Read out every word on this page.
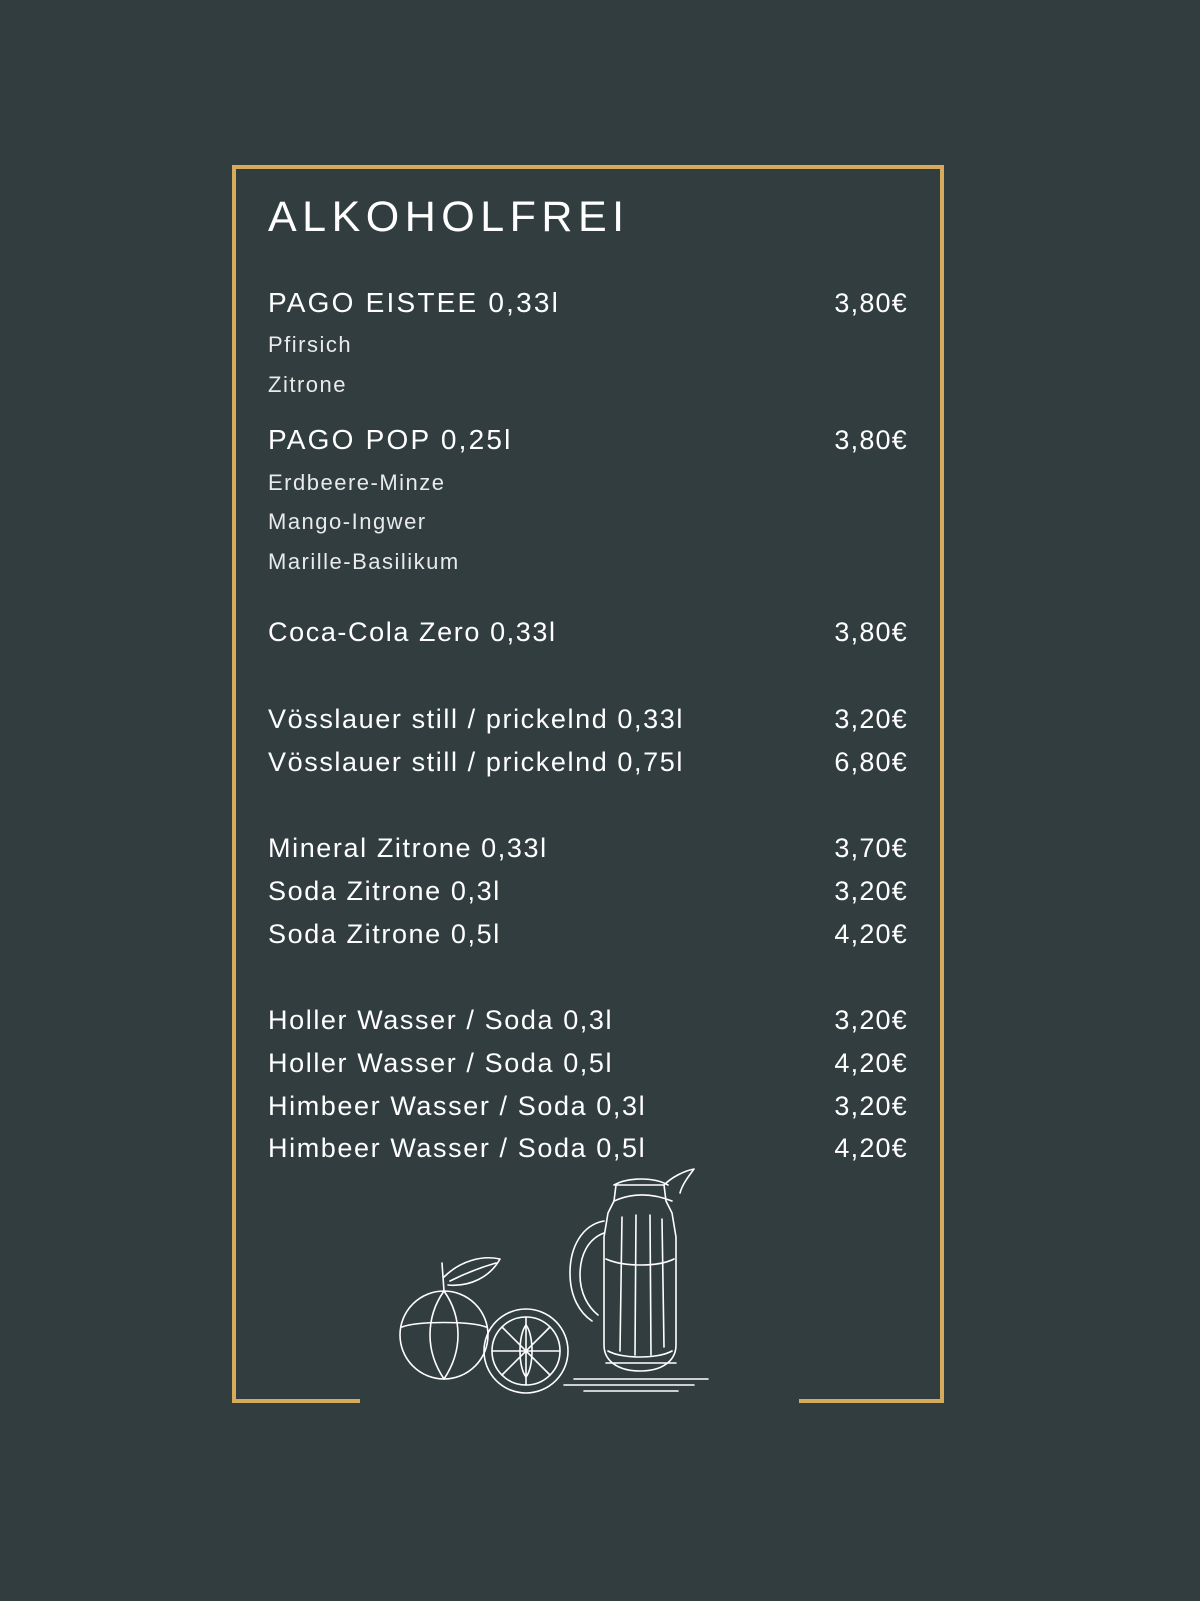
ALKOHOLFREI
PAGO EISTEE 0,33l	3,80€
Pfirsich
Zitrone
PAGO POP 0,25l	3,80€
Erdbeere-Minze
Mango-Ingwer
Marille-Basilikum
Coca-Cola Zero 0,33l	3,80€
Vösslauer still / prickelnd 0,33l	3,20€
Vösslauer still / prickelnd 0,75l	6,80€
Mineral Zitrone 0,33l	3,70€
Soda Zitrone 0,3l	3,20€
Soda Zitrone 0,5l	4,20€
Holler Wasser / Soda 0,3l	3,20€
Holler Wasser / Soda 0,5l	4,20€
Himbeer Wasser / Soda 0,3l	3,20€
Himbeer Wasser / Soda 0,5l	4,20€
